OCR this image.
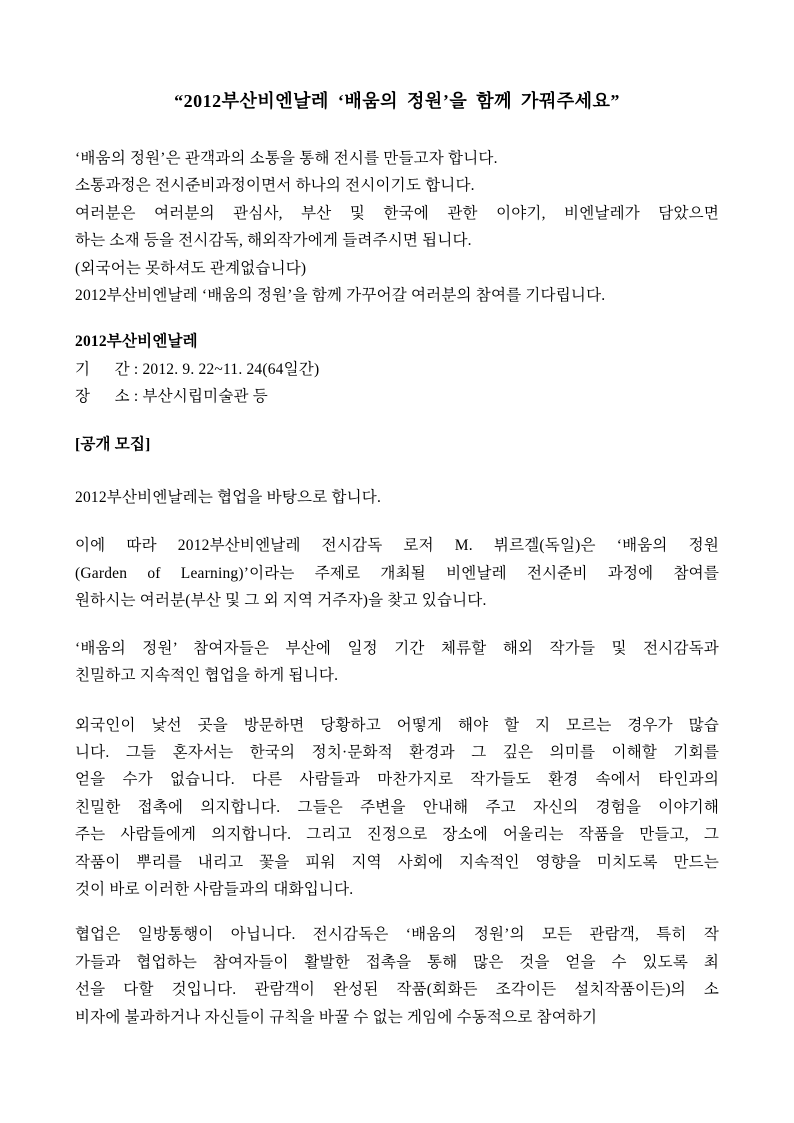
“2012부산비엔날레 ‘배움의 정원’을 함께 가꿔주세요”
‘배움의 정원’은 관객과의 소통을 통해 전시를 만들고자 합니다.
소통과정은 전시준비과정이면서 하나의 전시이기도 합니다.
여러분은 여러분의 관심사, 부산 및 한국에 관한 이야기, 비엔날레가 담았으면
하는 소재 등을 전시감독, 해외작가에게 들려주시면 됩니다.
(외국어는 못하셔도 관계없습니다)
2012부산비엔날레 ‘배움의 정원’을 함께 가꾸어갈 여러분의 참여를 기다립니다.
2012부산비엔날레
기      간 : 2012. 9. 22~11. 24(64일간)
장      소 : 부산시립미술관 등
[공개 모집]
2012부산비엔날레는 협업을 바탕으로 합니다.
이에 따라 2012부산비엔날레 전시감독 로저 M. 뷔르겔(독일)은 ‘배움의 정원
(Garden of Learning)’이라는 주제로 개최될 비엔날레 전시준비 과정에 참여를
원하시는 여러분(부산 및 그 외 지역 거주자)을 찾고 있습니다.
‘배움의 정원’ 참여자들은 부산에 일정 기간 체류할 해외 작가들 및 전시감독과
친밀하고 지속적인 협업을 하게 됩니다.
외국인이 낯선 곳을 방문하면 당황하고 어떻게 해야 할 지 모르는 경우가 많습
니다. 그들 혼자서는 한국의 정치·문화적 환경과 그 깊은 의미를 이해할 기회를
얻을 수가 없습니다. 다른 사람들과 마찬가지로 작가들도 환경 속에서 타인과의
친밀한 접촉에 의지합니다. 그들은 주변을 안내해 주고 자신의 경험을 이야기해
주는 사람들에게 의지합니다. 그리고 진정으로 장소에 어울리는 작품을 만들고, 그
작품이 뿌리를 내리고 꽃을 피워 지역 사회에 지속적인 영향을 미치도록 만드는
것이 바로 이러한 사람들과의 대화입니다.
협업은 일방통행이 아닙니다. 전시감독은 ‘배움의 정원’의 모든 관람객, 특히 작
가들과 협업하는 참여자들이 활발한 접촉을 통해 많은 것을 얻을 수 있도록 최
선을 다할 것입니다. 관람객이 완성된 작품(회화든 조각이든 설치작품이든)의 소
비자에 불과하거나 자신들이 규칙을 바꿀 수 없는 게임에 수동적으로 참여하기
